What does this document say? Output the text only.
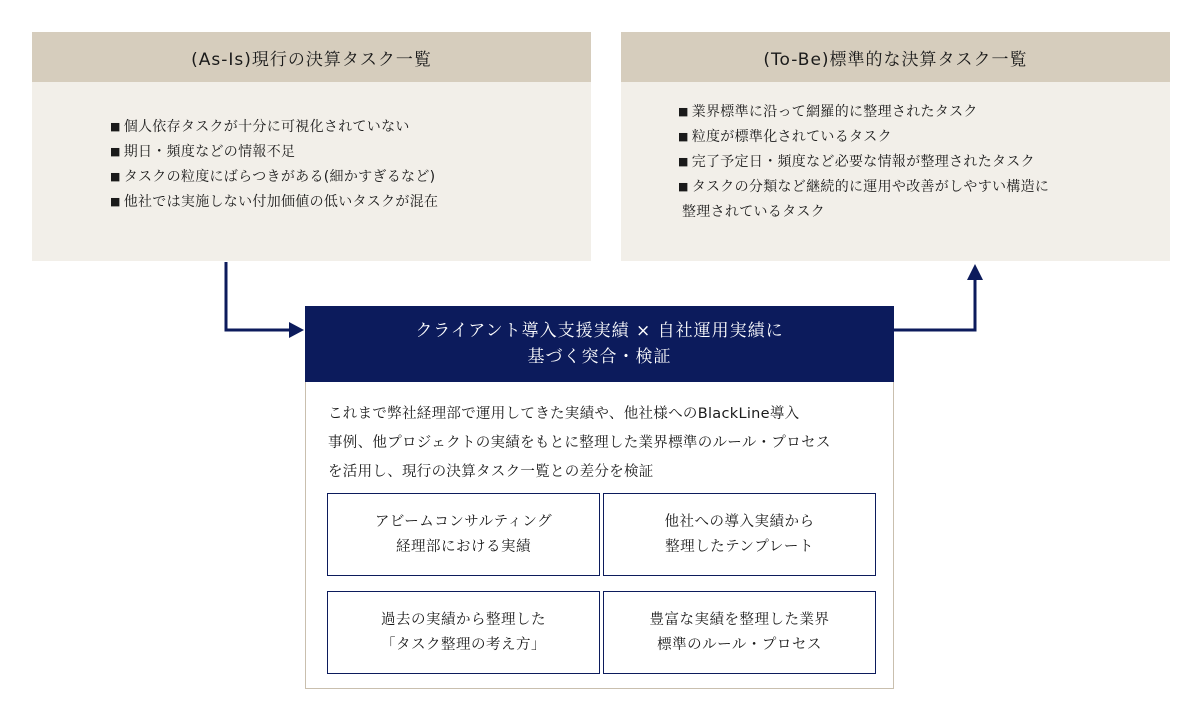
(As-Is)現行の決算タスク一覧
■ 個人依存タスクが十分に可視化されていない
■ 期日・頻度などの情報不足
■ タスクの粒度にばらつきがある(細かすぎるなど)
■ 他社では実施しない付加価値の低いタスクが混在
(To-Be)標準的な決算タスク一覧
■ 業界標準に沿って網羅的に整理されたタスク
■ 粒度が標準化されているタスク
■ 完了予定日・頻度など必要な情報が整理されたタスク
■ タスクの分類など継続的に運用や改善がしやすい構造に
整理されているタスク
クライアント導入支援実績 × 自社運用実績に
基づく突合・検証
これまで弊社経理部で運用してきた実績や、他社様へのBlackLine導入
事例、他プロジェクトの実績をもとに整理した業界標準のルール・プロセス
を活用し、現行の決算タスク一覧との差分を検証
アビームコンサルティング
経理部における実績
他社への導入実績から
整理したテンプレート
過去の実績から整理した
「タスク整理の考え方」
豊富な実績を整理した業界
標準のルール・プロセス
